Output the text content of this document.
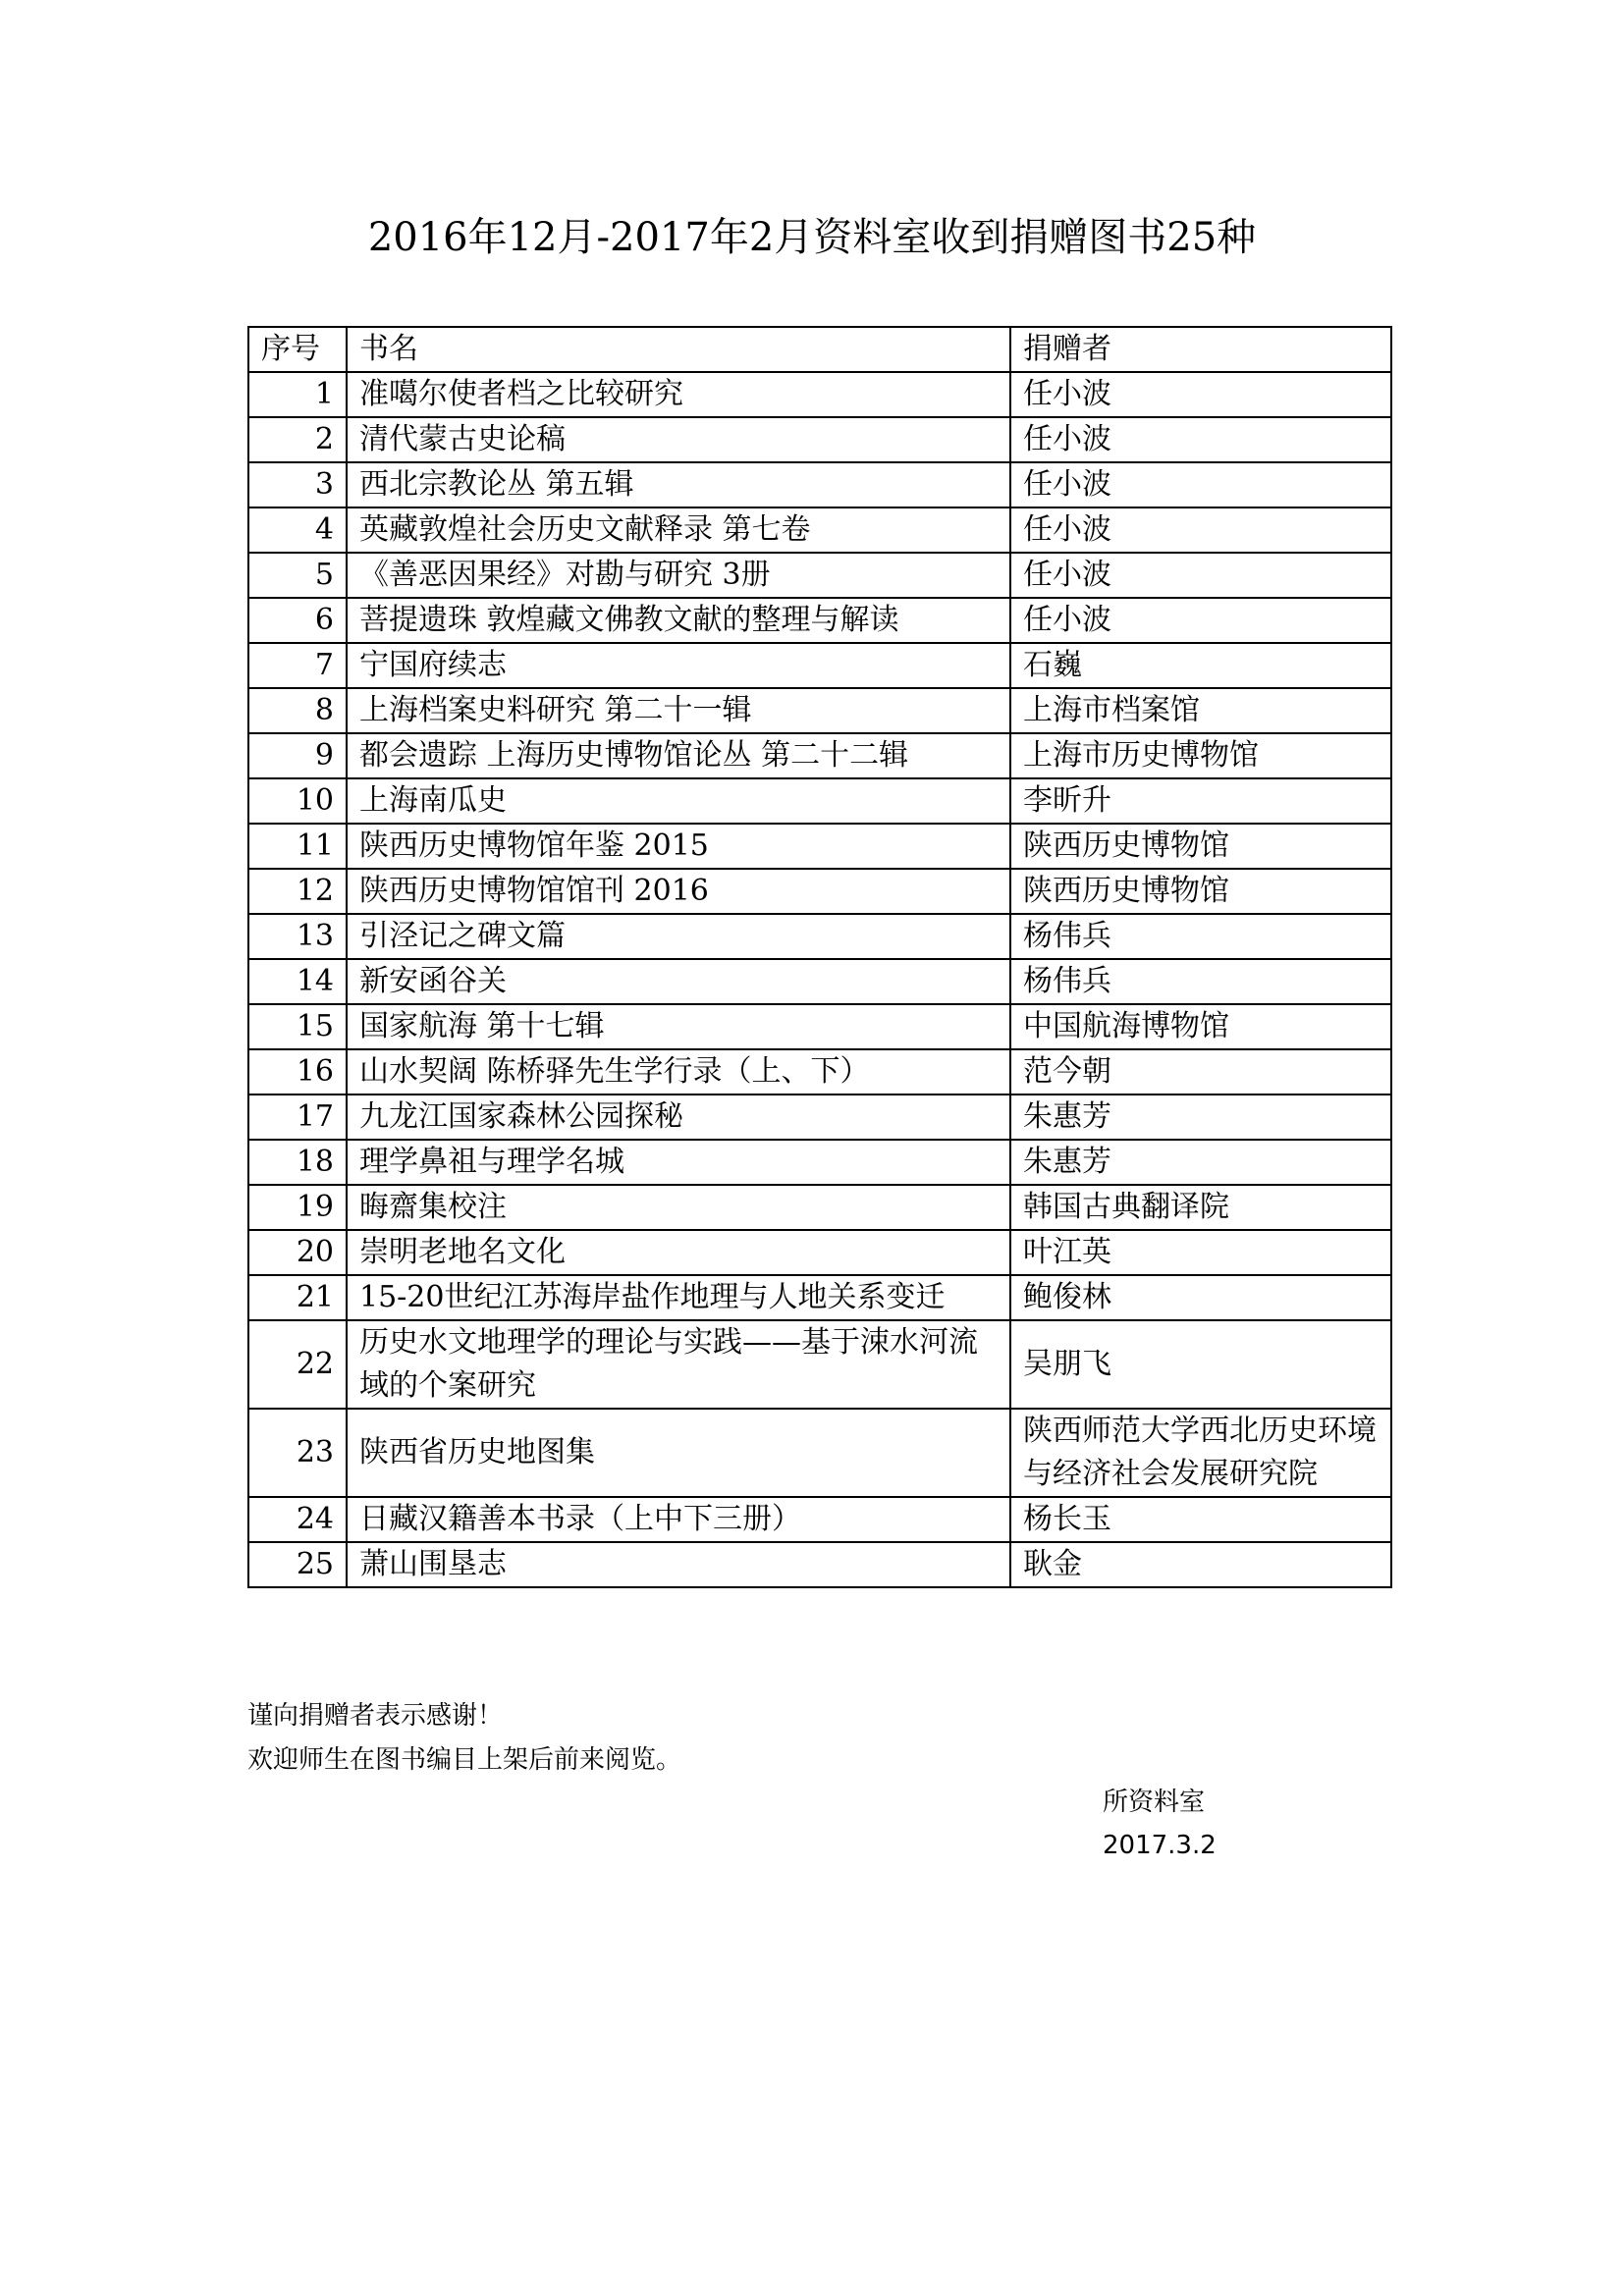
2016年12月-2017年2月资料室收到捐赠图书25种
序号	书名	捐赠者
1	准噶尔使者档之比较研究	任小波
2	清代蒙古史论稿	任小波
3	西北宗教论丛 第五辑	任小波
4	英藏敦煌社会历史文献释录 第七卷	任小波
5	《善恶因果经》对勘与研究 3册	任小波
6	菩提遗珠 敦煌藏文佛教文献的整理与解读	任小波
7	宁国府续志	石巍
8	上海档案史料研究 第二十一辑	上海市档案馆
9	都会遗踪 上海历史博物馆论丛 第二十二辑	上海市历史博物馆
10	上海南瓜史	李昕升
11	陕西历史博物馆年鉴 2015	陕西历史博物馆
12	陕西历史博物馆馆刊 2016	陕西历史博物馆
13	引泾记之碑文篇	杨伟兵
14	新安函谷关	杨伟兵
15	国家航海 第十七辑	中国航海博物馆
16	山水契阔 陈桥驿先生学行录（上、下）	范今朝
17	九龙江国家森林公园探秘	朱惠芳
18	理学鼻祖与理学名城	朱惠芳
19	晦齋集校注	韩国古典翻译院
20	崇明老地名文化	叶江英
21	15-20世纪江苏海岸盐作地理与人地关系变迁	鲍俊林
22	历史水文地理学的理论与实践——基于涑水河流域的个案研究	吴朋飞
23	陕西省历史地图集	陕西师范大学西北历史环境与经济社会发展研究院
24	日藏汉籍善本书录（上中下三册）	杨长玉
25	萧山围垦志	耿金
谨向捐赠者表示感谢！
欢迎师生在图书编目上架后前来阅览。
所资料室
2017.3.2
